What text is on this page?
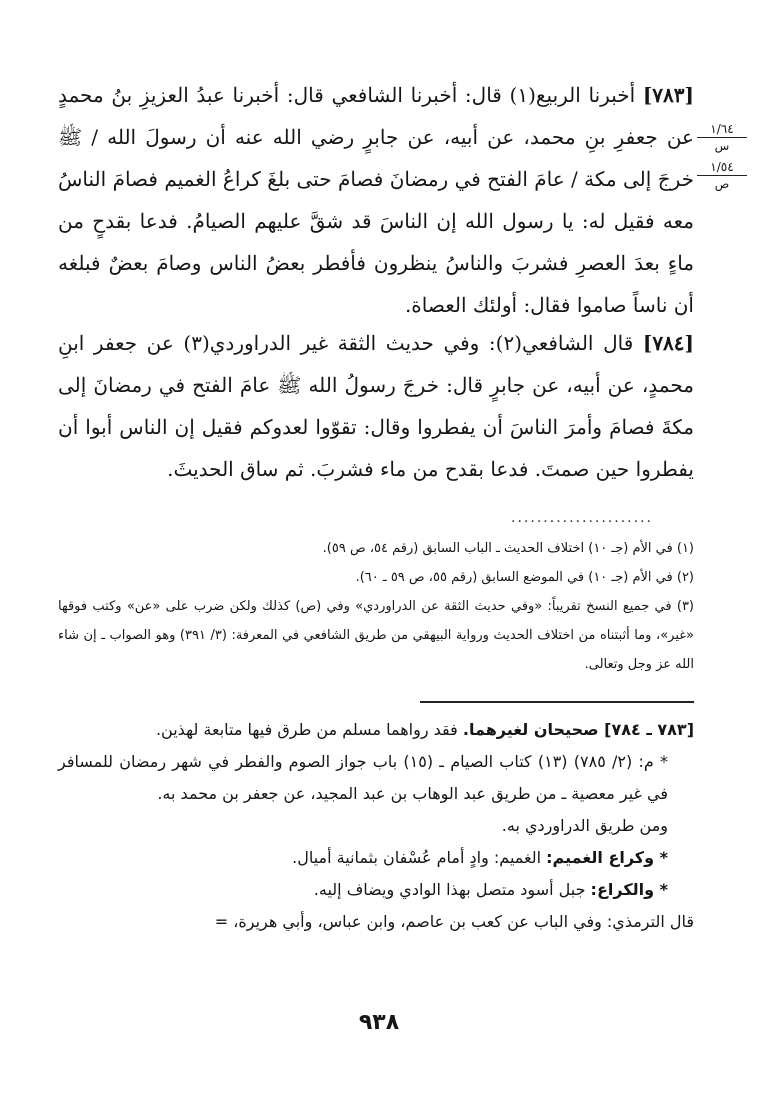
١/٦٤
س
١/٥٤
ص
[٧٨٣] أخبرنا الربيع(١) قال: أخبرنا الشافعي قال: أخبرنا عبدُ العزيزِ بنُ محمدٍ عن جعفرِ بنِ محمد، عن أبيه، عن جابرٍ رضي الله عنه أن رسولَ الله / ﷺ خرجَ إلى مكة / عامَ الفتح في رمضانَ فصامَ حتى بلغَ كراعُ الغميم فصامَ الناسُ معه فقيل له: يا رسول الله إن الناسَ قد شقَّ عليهم الصيامُ. فدعا بقدحٍ من ماءٍ بعدَ العصرِ فشربَ والناسُ ينظرون فأفطر بعضُ الناس وصامَ بعضٌ فبلغه أن ناساً صاموا فقال: أولئك العصاة.
[٧٨٤] قال الشافعي(٢): وفي حديث الثقة غير الدراوردي(٣) عن جعفر ابنِ محمدٍ، عن أبيه، عن جابرٍ قال: خرجَ رسولُ الله ﷺ عامَ الفتح في رمضانَ إلى مكةَ فصامَ وأمرَ الناسَ أن يفطروا وقال: تقوّوا لعدوكم فقيل إن الناس أبوا أن يفطروا حين صمتَ. فدعا بقدح من ماء فشربَ. ثم ساق الحديثَ.
......................

(١) في الأم (جـ ١٠) اختلاف الحديث ـ الباب السابق (رقم ٥٤، ص ٥٩).

(٢) في الأم (جـ ١٠) في الموضع السابق (رقم ٥٥، ص ٥٩ ـ ٦٠).

(٣) في جميع النسخ تقريباً: «وفي حديث الثقة عن الدراوردي» وفي (ص) كذلك ولكن ضرب على «عن» وكتب فوقها «غير»، وما أثبتناه من اختلاف الحديث ورواية البيهقي من طريق الشافعي في المعرفة: (٣/ ٣٩١) وهو الصواب ـ إن شاء الله عز وجل وتعالى.

[٧٨٣ ـ ٧٨٤] صحيحان لغيرهما. فقد رواهما مسلم من طرق فيها متابعة لهذين.

* م: (٢/ ٧٨٥) (١٣) كتاب الصيام ـ (١٥) باب جواز الصوم والفطر في شهر رمضان للمسافر في غير معصية ـ من طريق عبد الوهاب بن عبد المجيد، عن جعفر بن محمد به.

ومن طريق الدراوردي به.

* وكراع الغميم: الغميم: وادٍ أمام عُسْفان بثمانية أميال.

* والكراع: جبل أسود متصل بهذا الوادي ويضاف إليه.

قال الترمذي: وفي الباب عن كعب بن عاصم، وابن عباس، وأبي هريرة، =

٩٣٨
